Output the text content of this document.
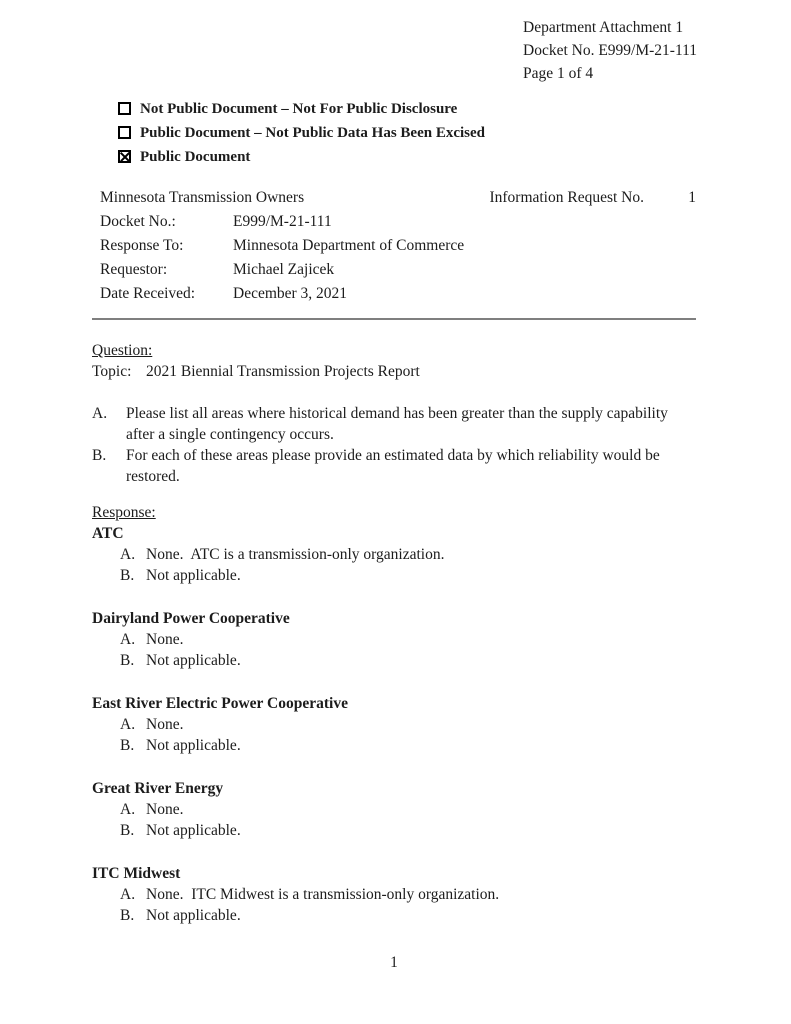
Department Attachment 1
Docket No. E999/M-21-111
Page 1 of 4
Not Public Document – Not For Public Disclosure
Public Document – Not Public Data Has Been Excised
Public Document
Minnesota Transmission Owners	Information Request No.	1
Docket No.:	E999/M-21-111
Response To:	Minnesota Department of Commerce
Requestor:	Michael Zajicek
Date Received:	December 3, 2021
Question:
Topic: 2021 Biennial Transmission Projects Report
A.	Please list all areas where historical demand has been greater than the supply capability after a single contingency occurs.
B.	For each of these areas please provide an estimated data by which reliability would be restored.
Response:
ATC
A. None.  ATC is a transmission-only organization.
B. Not applicable.
Dairyland Power Cooperative
A. None.
B. Not applicable.
East River Electric Power Cooperative
A. None.
B. Not applicable.
Great River Energy
A. None.
B. Not applicable.
ITC Midwest
A. None.  ITC Midwest is a transmission-only organization.
B. Not applicable.
1
